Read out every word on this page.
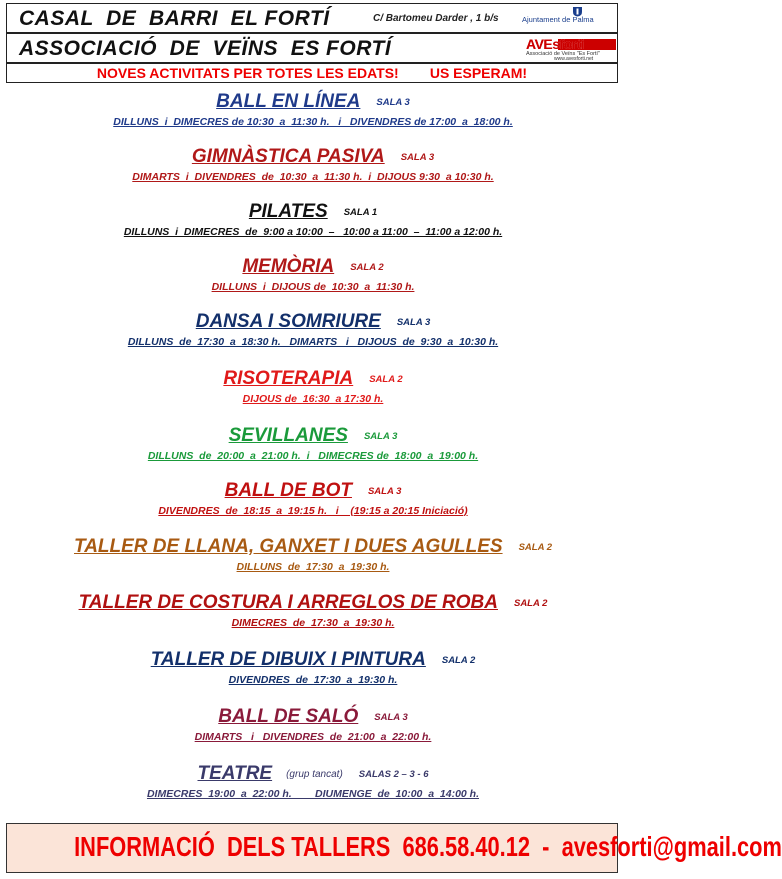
CASAL  DE  BARRI  EL FORTÍ	C/ Bartomeu Darder , 1 b/s	Ajuntament de Palma
ASSOCIACIÓ  DE  VEÏNS  ES FORTÍ	AVEsforti
Associació de Veïns "Es Fortí"
www.avesforti.net
NOVES ACTIVITATS PER TOTES LES EDATS!        US ESPERAM!
BALL EN LÍNEA SALA 3
DILLUNS  i  DIMECRES de 10:30  a  11:30 h.   i   DIVENDRES de 17:00  a  18:00 h.
GIMNÀSTICA PASIVA SALA 3
DIMARTS  i  DIVENDRES  de  10:30  a  11:30 h.  i  DIJOUS 9:30  a 10:30 h.
PILATES SALA 1
DILLUNS  i  DIMECRES  de  9:00 a 10:00  –   10:00 a 11:00  –  11:00 a 12:00 h.
MEMÒRIA SALA 2
DILLUNS  i  DIJOUS de  10:30  a  11:30 h.
DANSA I SOMRIURE SALA 3
DILLUNS  de  17:30  a  18:30 h.   DIMARTS   i   DIJOUS  de  9:30  a  10:30 h.
RISOTERAPIA SALA 2
DIJOUS de  16:30  a 17:30 h.
SEVILLANES SALA 3
DILLUNS  de  20:00  a  21:00 h.  i   DIMECRES de  18:00  a  19:00 h.
BALL DE BOT SALA 3
DIVENDRES  de  18:15  a  19:15 h.   i    (19:15 a 20:15 Iniciació)
TALLER DE LLANA, GANXET I DUES AGULLES SALA 2
DILLUNS  de  17:30  a  19:30 h.
TALLER DE COSTURA I ARREGLOS DE ROBA SALA 2
DIMECRES  de  17:30  a  19:30 h.
TALLER DE DIBUIX I PINTURA SALA 2
DIVENDRES  de  17:30  a  19:30 h.
BALL DE SALÓ SALA 3
DIMARTS   i   DIVENDRES  de  21:00  a  22:00 h.
TEATRE (grup tancat) SALAS 2 – 3 - 6
DIMECRES  19:00  a  22:00 h.        DIUMENGE  de  10:00  a  14:00 h.
INFORMACIÓ  DELS TALLERS  686.58.40.12  -  avesforti@gmail.com
